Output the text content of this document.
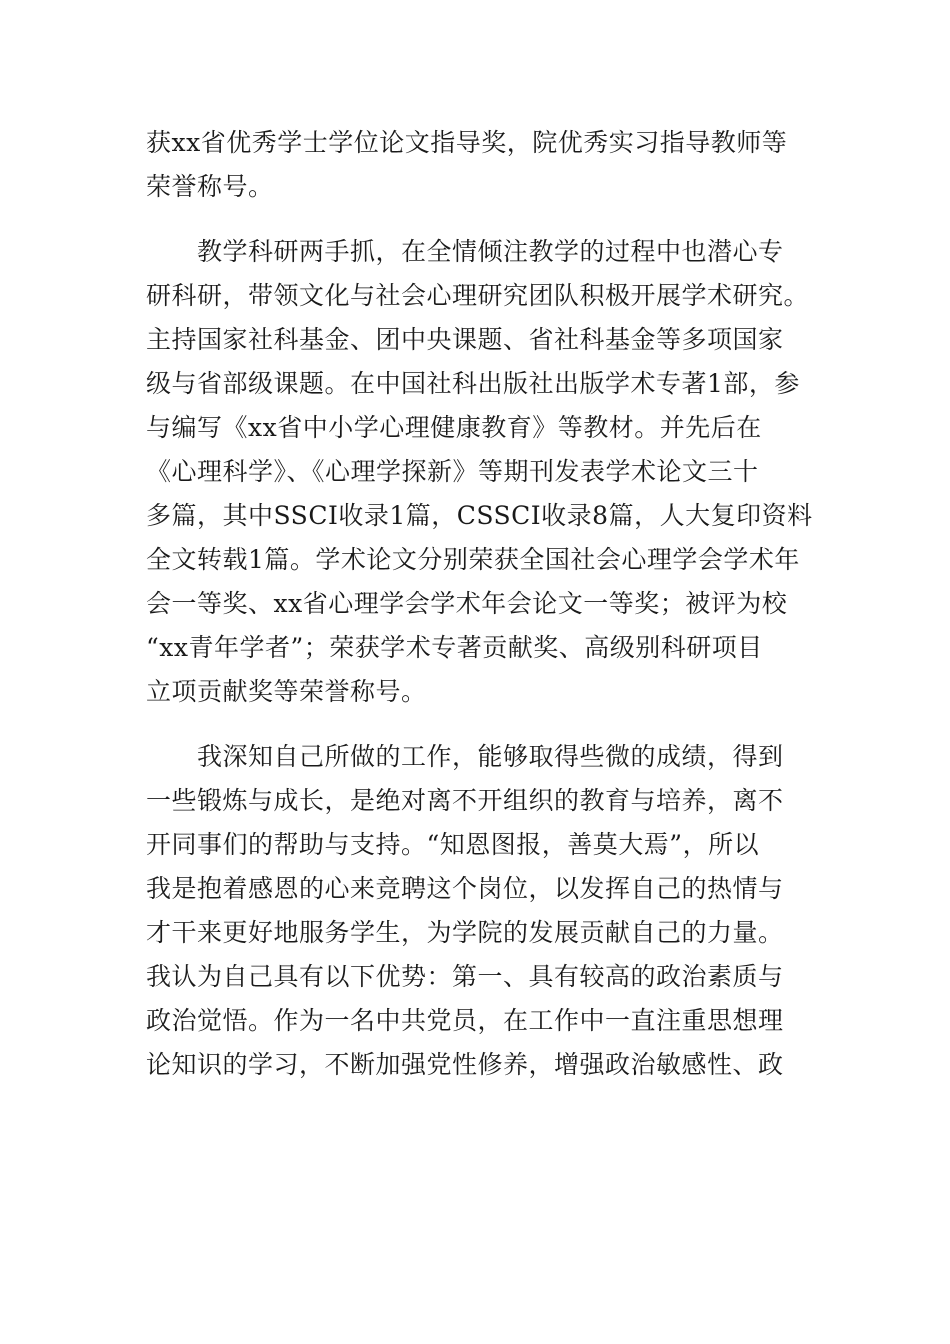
获xx省优秀学士学位论文指导奖，院优秀实习指导教师等
荣誉称号。
　　教学科研两手抓，在全情倾注教学的过程中也潜心专
研科研，带领文化与社会心理研究团队积极开展学术研究。
主持国家社科基金、团中央课题、省社科基金等多项国家
级与省部级课题。在中国社科出版社出版学术专著1部，参
与编写《xx省中小学心理健康教育》等教材。并先后在
《心理科学》、《心理学探新》等期刊发表学术论文三十
多篇，其中SSCI收录1篇，CSSCI收录8篇，人大复印资料
全文转载1篇。学术论文分别荣获全国社会心理学会学术年
会一等奖、xx省心理学会学术年会论文一等奖；被评为校
“xx青年学者”；荣获学术专著贡献奖、高级别科研项目
立项贡献奖等荣誉称号。
　　我深知自己所做的工作，能够取得些微的成绩，得到
一些锻炼与成长，是绝对离不开组织的教育与培养，离不
开同事们的帮助与支持。“知恩图报，善莫大焉”，所以
我是抱着感恩的心来竞聘这个岗位，以发挥自己的热情与
才干来更好地服务学生，为学院的发展贡献自己的力量。
我认为自己具有以下优势：第一、具有较高的政治素质与
政治觉悟。作为一名中共党员，在工作中一直注重思想理
论知识的学习，不断加强党性修养，增强政治敏感性、政
